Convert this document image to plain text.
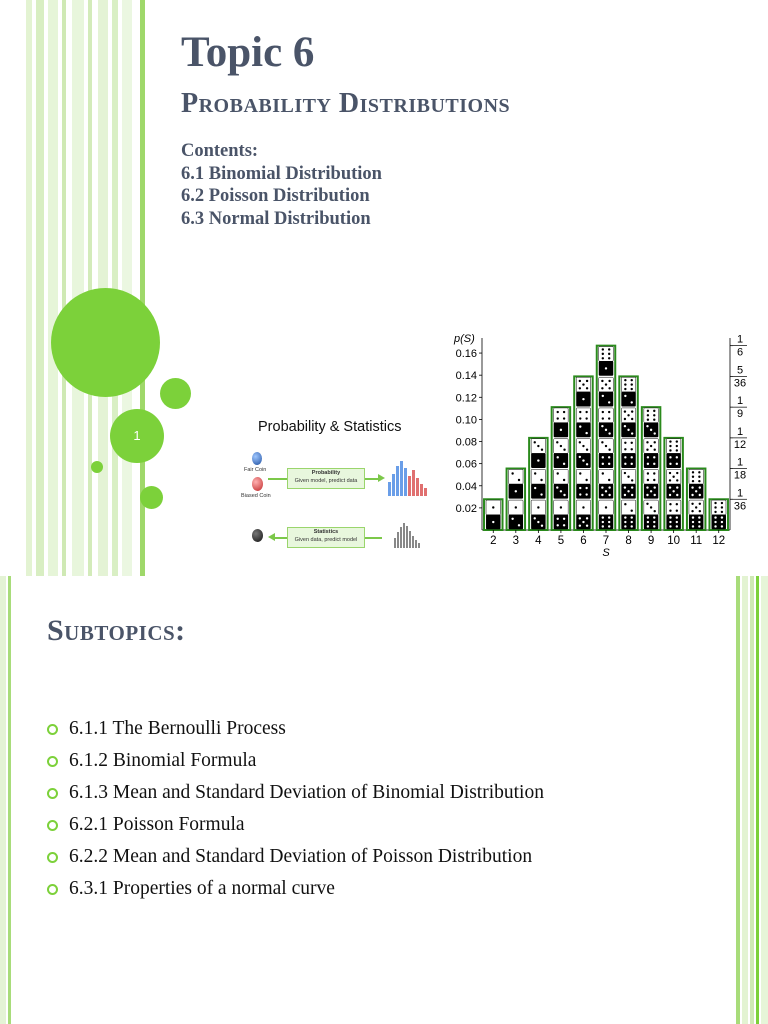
1
Topic 6
Probability Distributions
Contents:
6.1 Binomial Distribution
6.2 Poisson Distribution
6.3 Normal Distribution
Probability & Statistics
Fair Coin
Biased Coin
Probability
Given model, predict data
Statistics
Given data, predict model
p(S)
0.02
0.04
0.06
0.08
0.10
0.12
0.14
0.16
1
36
1
18
1
12
1
9
5
36
1
6
2 3 4 5 6 7 8 9 10 11 12
S
Subtopics:
6.1.1 The Bernoulli Process
6.1.2 Binomial Formula
6.1.3 Mean and Standard Deviation of Binomial Distribution
6.2.1 Poisson Formula
6.2.2 Mean and Standard Deviation of Poisson Distribution
6.3.1 Properties of a normal curve
